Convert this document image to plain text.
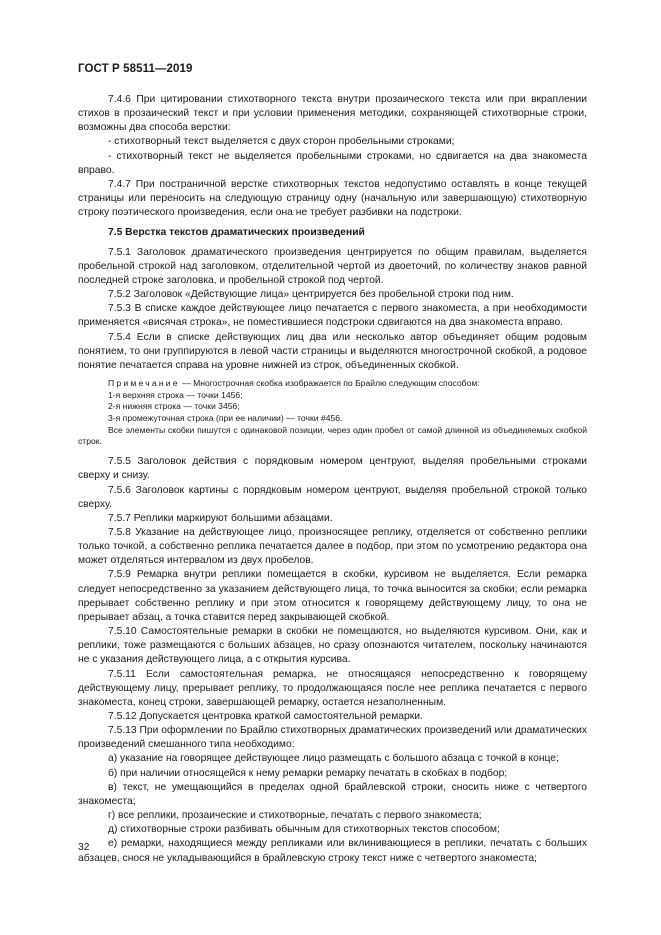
ГОСТ Р 58511—2019

7.4.6 При цитировании стихотворного текста внутри прозаического текста или при вкраплении стихов в прозаический текст и при условии применения методики, сохраняющей стихотворные строки, возможны два способа верстки:

- стихотворный текст выделяется с двух сторон пробельными строками;

- стихотворный текст не выделяется пробельными строками, но сдвигается на два знакоместа вправо.

7.4.7 При постраничной верстке стихотворных текстов недопустимо оставлять в конце текущей страницы или переносить на следующую страницу одну (начальную или завершающую) стихотворную строку поэтического произведения, если она не требует разбивки на подстроки.

7.5 Верстка текстов драматических произведений

7.5.1 Заголовок драматического произведения центрируется по общим правилам, выделяется пробельной строкой над заголовком, отделительной чертой из двоеточий, по количеству знаков равной последней строке заголовка, и пробельной строкой под чертой.

7.5.2 Заголовок «Действующие лица» центрируется без пробельной строки под ним.

7.5.3 В списке каждое действующее лицо печатается с первого знакоместа, а при необходимости применяется «висячая строка», не поместившиеся подстроки сдвигаются на два знакоместа вправо.

7.5.4 Если в списке действующих лиц два или несколько автор объединяет общим родовым понятием, то они группируются в левой части страницы и выделяются многострочной скобкой, а родовое понятие печатается справа на уровне нижней из строк, объединенных скобкой.

Примечание — Многострочная скобка изображается по Брайлю следующим способом:

1-я верхняя строка — точки 1456;

2-я нижняя строка — точки 3456;

3-я промежуточная строка (при ее наличии) — точки #456.

Все элементы скобки пишутся с одинаковой позиции, через один пробел от самой длинной из объединяемых скобкой строк.

7.5.5 Заголовок действия с порядковым номером центруют, выделяя пробельными строками сверху и снизу.

7.5.6 Заголовок картины с порядковым номером центруют, выделяя пробельной строкой только сверху.

7.5.7 Реплики маркируют большими абзацами.

7.5.8 Указание на действующее лицо, произносящее реплику, отделяется от собственно реплики только точкой, а собственно реплика печатается далее в подбор, при этом по усмотрению редактора она может отделяться интервалом из двух пробелов.

7.5.9 Ремарка внутри реплики помещается в скобки, курсивом не выделяется. Если ремарка следует непосредственно за указанием действующего лица, то точка выносится за скобки; если ремарка прерывает собственно реплику и при этом относится к говорящему действующему лицу, то она не прерывает абзац, а точка ставится перед закрывающей скобкой.

7.5.10 Самостоятельные ремарки в скобки не помещаются, но выделяются курсивом. Они, как и реплики, тоже размещаются с больших абзацев, но сразу опознаются читателем, поскольку начинаются не с указания действующего лица, а с открытия курсива.

7.5.11 Если самостоятельная ремарка, не относящаяся непосредственно к говорящему действующему лицу, прерывает реплику, то продолжающаяся после нее реплика печатается с первого знакоместа, конец строки, завершающей ремарку, остается незаполненным.

7.5.12 Допускается центровка краткой самостоятельной ремарки.

7.5.13 При оформлении по Брайлю стихотворных драматических произведений или драматических произведений смешанного типа необходимо:

а) указание на говорящее действующее лицо размещать с большого абзаца с точкой в конце;

б) при наличии относящейся к нему ремарки ремарку печатать в скобках в подбор;

в) текст, не умещающийся в пределах одной брайлевской строки, сносить ниже с четвертого знакоместа;

г) все реплики, прозаические и стихотворные, печатать с первого знакоместа;

д) стихотворные строки разбивать обычным для стихотворных текстов способом;

е) ремарки, находящиеся между репликами или вклинивающиеся в реплики, печатать с больших абзацев, снося не укладывающийся в брайлевскую строку текст ниже с четвертого знакоместа;

32
